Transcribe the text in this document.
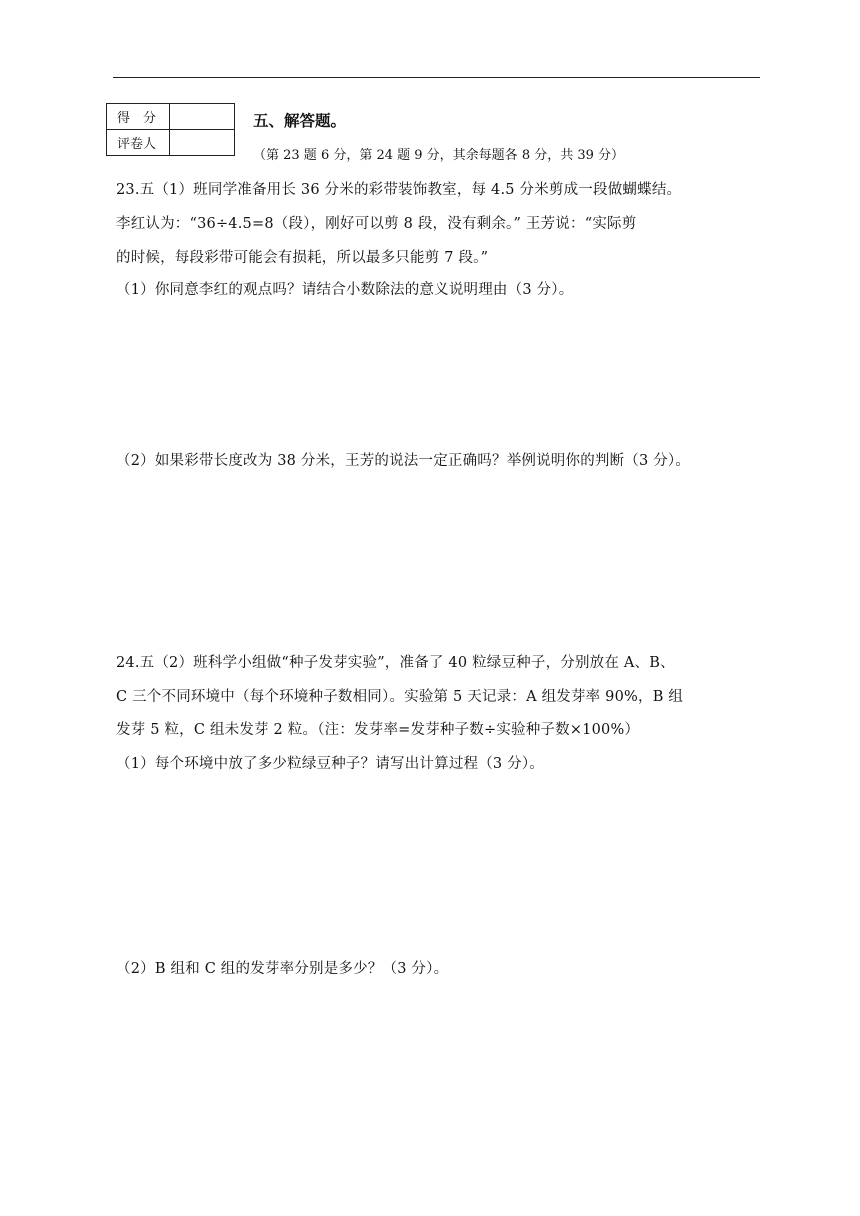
得　分	
评卷人	
五、解答题。
（第 23 题 6 分，第 24 题 9 分，其余每题各 8 分，共 39 分）
23.五（1）班同学准备用长 36 分米的彩带装饰教室，每 4.5 分米剪成一段做蝴蝶结。
李红认为：“36÷4.5=8（段），刚好可以剪 8 段，没有剩余。” 王芳说：“实际剪
的时候，每段彩带可能会有损耗，所以最多只能剪 7 段。”
（1）你同意李红的观点吗？请结合小数除法的意义说明理由（3 分）。
（2）如果彩带长度改为 38 分米，王芳的说法一定正确吗？举例说明你的判断（3 分）。
24.五（2）班科学小组做“种子发芽实验”，准备了 40 粒绿豆种子，分别放在 A、B、
C 三个不同环境中（每个环境种子数相同）。实验第 5 天记录：A 组发芽率 90%，B 组
发芽 5 粒，C 组未发芽 2 粒。（注：发芽率=发芽种子数÷实验种子数×100%）
（1）每个环境中放了多少粒绿豆种子？请写出计算过程（3 分）。
（2）B 组和 C 组的发芽率分别是多少？（3 分）。
